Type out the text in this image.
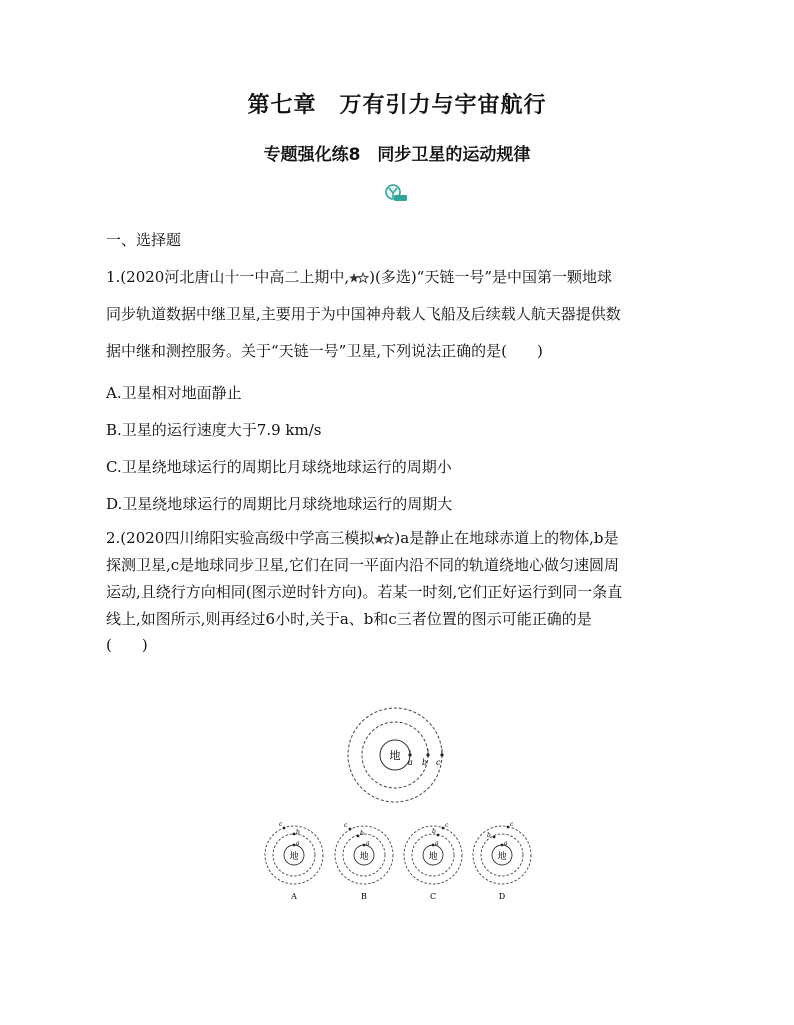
第七章　万有引力与宇宙航行
专题强化练8　同步卫星的运动规律
一、选择题
1.(2020河北唐山十一中高二上期中, )(多选)“天链一号”是中国第一颗地球
同步轨道数据中继卫星,主要用于为中国神舟载人飞船及后续载人航天器提供数
据中继和测控服务。关于“天链一号”卫星,下列说法正确的是(　　)
A.卫星相对地面静止
B.卫星的运行速度大于7.9 km/s
C.卫星绕地球运行的周期比月球绕地球运行的周期小
D.卫星绕地球运行的周期比月球绕地球运行的周期大
2.(2020四川绵阳实验高级中学高三模拟 )a是静止在地球赤道上的物体,b是
探测卫星,c是地球同步卫星,它们在同一平面内沿不同的轨道绕地心做匀速圆周
运动,且绕行方向相同(图示逆时针方向)。若某一时刻,它们正好运行到同一条直
线上,如图所示,则再经过6小时,关于a、b和c三者位置的图示可能正确的是
(　　)
地
a b c
地
a
b
c
A
地
a
b
c
B
地
a
b
c
C
地
a
b
c
D
